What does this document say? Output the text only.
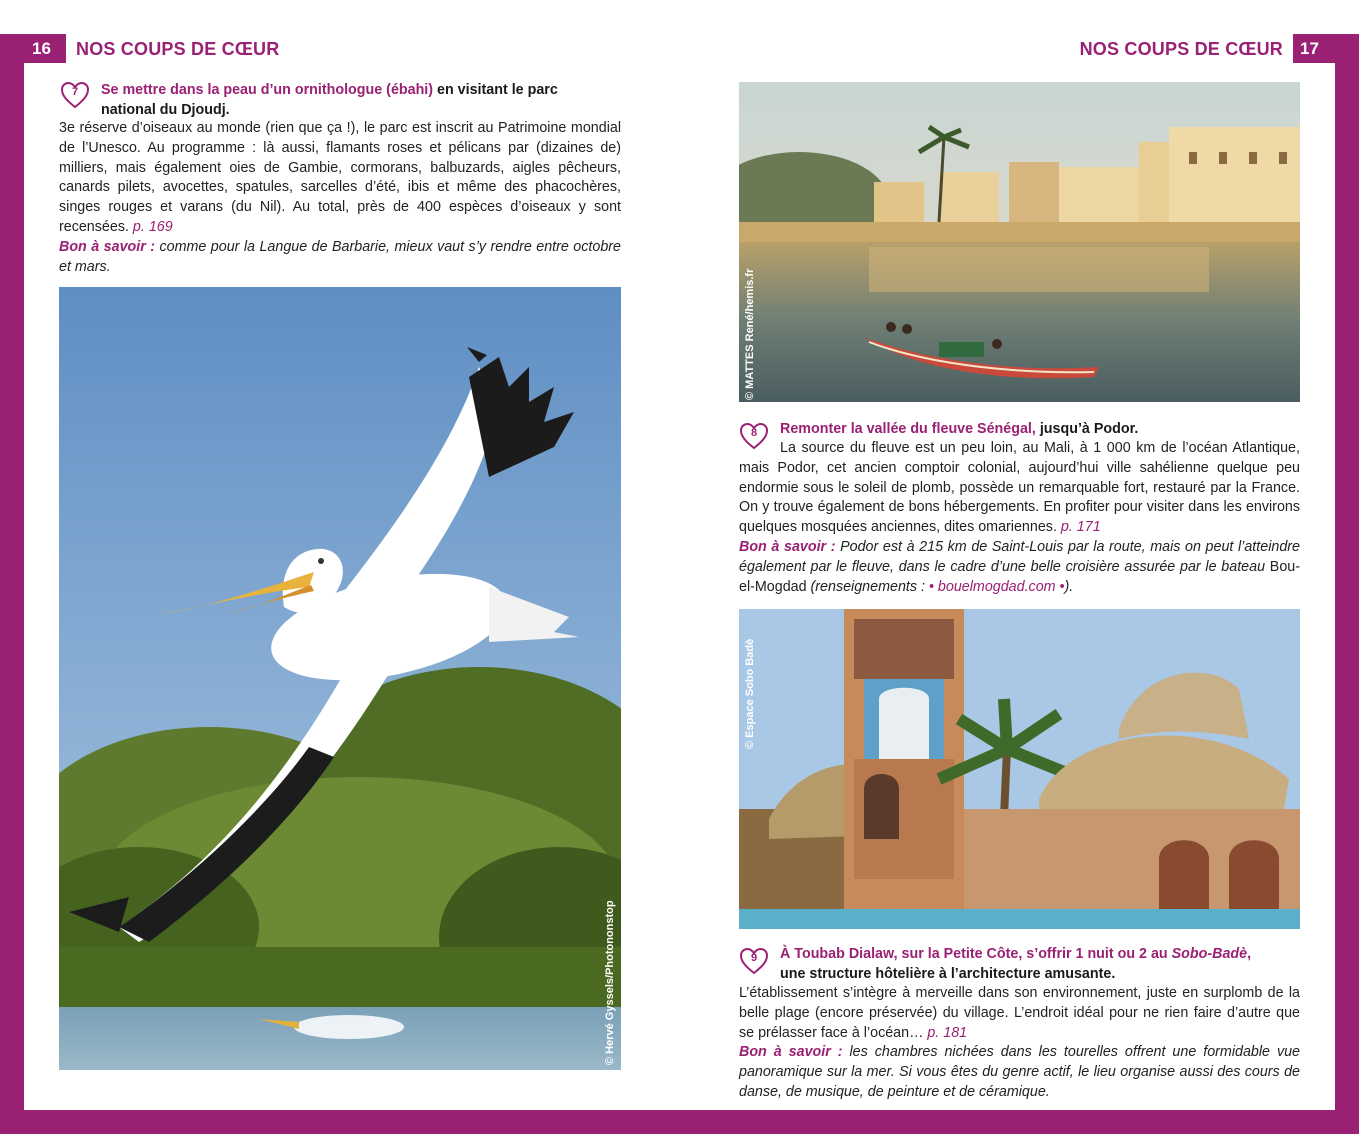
16	17
NOS COUPS DE CŒUR	NOS COUPS DE CŒUR
7	Se mettre dans la peau d’un ornithologue (ébahi) en visitant le parc
national du Djoudj.
3e réserve d’oiseaux au monde (rien que ça !), le parc est inscrit au Patrimoine mondial de l’Unesco. Au programme : là aussi, flamants roses et pélicans par (dizaines de) milliers, mais également oies de Gambie, cormorans, balbuzards, aigles pêcheurs, canards pilets, avocettes, spatules, sarcelles d’été, ibis et même des phacochères, singes rouges et varans (du Nil). Au total, près de 400 espèces d’oiseaux y sont recensées. p. 169
Bon à savoir : comme pour la Langue de Barbarie, mieux vaut s’y rendre entre octobre et mars.
© Hervé Gyssels/Photononstop
© MATTES René/hemis.fr
8	Remonter la vallée du fleuve Sénégal, jusqu’à Podor.
La source du fleuve est un peu loin, au Mali, à 1 000 km de l’océan Atlantique, mais Podor, cet ancien comptoir colonial, aujourd’hui ville sahélienne quelque peu endormie sous le soleil de plomb, possède un remarquable fort, restauré par la France. On y trouve également de bons hébergements. En profiter pour visiter dans les environs quelques mosquées anciennes, dites omariennes. p. 171
Bon à savoir : Podor est à 215 km de Saint-Louis par la route, mais on peut l’atteindre également par le fleuve, dans le cadre d’une belle croisière assurée par le bateau Bou-el-Mogdad (renseignements : • bouelmogdad.com •).
© Espace Sobo Badè
9	À Toubab Dialaw, sur la Petite Côte, s’offrir 1 nuit ou 2 au Sobo-Badè,
une structure hôtelière à l’architecture amusante.
L’établissement s’intègre à merveille dans son environnement, juste en surplomb de la belle plage (encore préservée) du village. L’endroit idéal pour ne rien faire d’autre que se prélasser face à l’océan… p. 181
Bon à savoir : les chambres nichées dans les tourelles offrent une formidable vue panoramique sur la mer. Si vous êtes du genre actif, le lieu organise aussi des cours de danse, de musique, de peinture et de céramique.
